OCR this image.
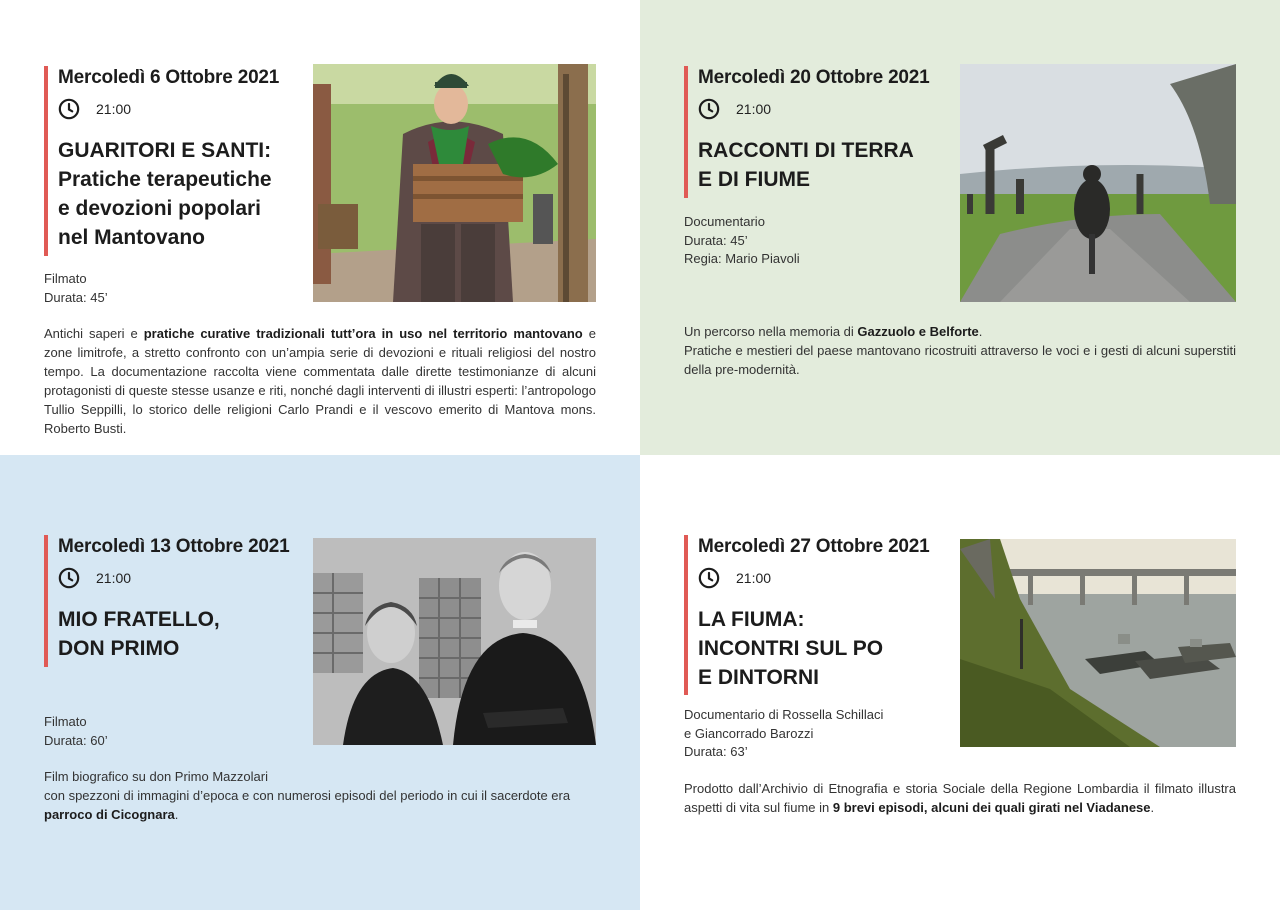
Mercoledì 6 Ottobre 2021
21:00
GUARITORI E SANTI:
Pratiche terapeutiche
e devozioni popolari
nel Mantovano
Filmato
Durata: 45’

Antichi saperi e pratiche curative tradizionali tutt’ora in uso nel territorio mantovano e zone limitrofe, a stretto confronto con un’ampia serie di devozioni e rituali religiosi del nostro tempo. La documentazione raccolta viene commentata dalle dirette testimonianze di alcuni protagonisti di queste stesse usanze e riti, nonché dagli interventi di illustri esperti: l’antropologo Tullio Seppilli, lo storico delle religioni Carlo Prandi e il vescovo emerito di Mantova mons. Roberto Busti.

Mercoledì 20 Ottobre 2021
21:00
RACCONTI DI TERRA
E DI FIUME
Documentario
Durata: 45’
Regia: Mario Piavoli

Un percorso nella memoria di Gazzuolo e Belforte.

Pratiche e mestieri del paese mantovano ricostruiti attraverso le voci e i gesti di alcuni superstiti della pre-modernità.

Mercoledì 13 Ottobre 2021
21:00
MIO FRATELLO,
DON PRIMO
Filmato
Durata: 60’

Film biografico su don Primo Mazzolari

con spezzoni di immagini d’epoca e con numerosi episodi del periodo in cui il sacerdote era parroco di Cicognara.

Mercoledì 27 Ottobre 2021
21:00
LA FIUMA:
INCONTRI SUL PO
E DINTORNI
Documentario di Rossella Schillaci
e Giancorrado Barozzi
Durata: 63’

Prodotto dall’Archivio di Etnografia e storia Sociale della Regione Lombardia il filmato illustra aspetti di vita sul fiume in 9 brevi episodi, alcuni dei quali girati nel Viadanese.
